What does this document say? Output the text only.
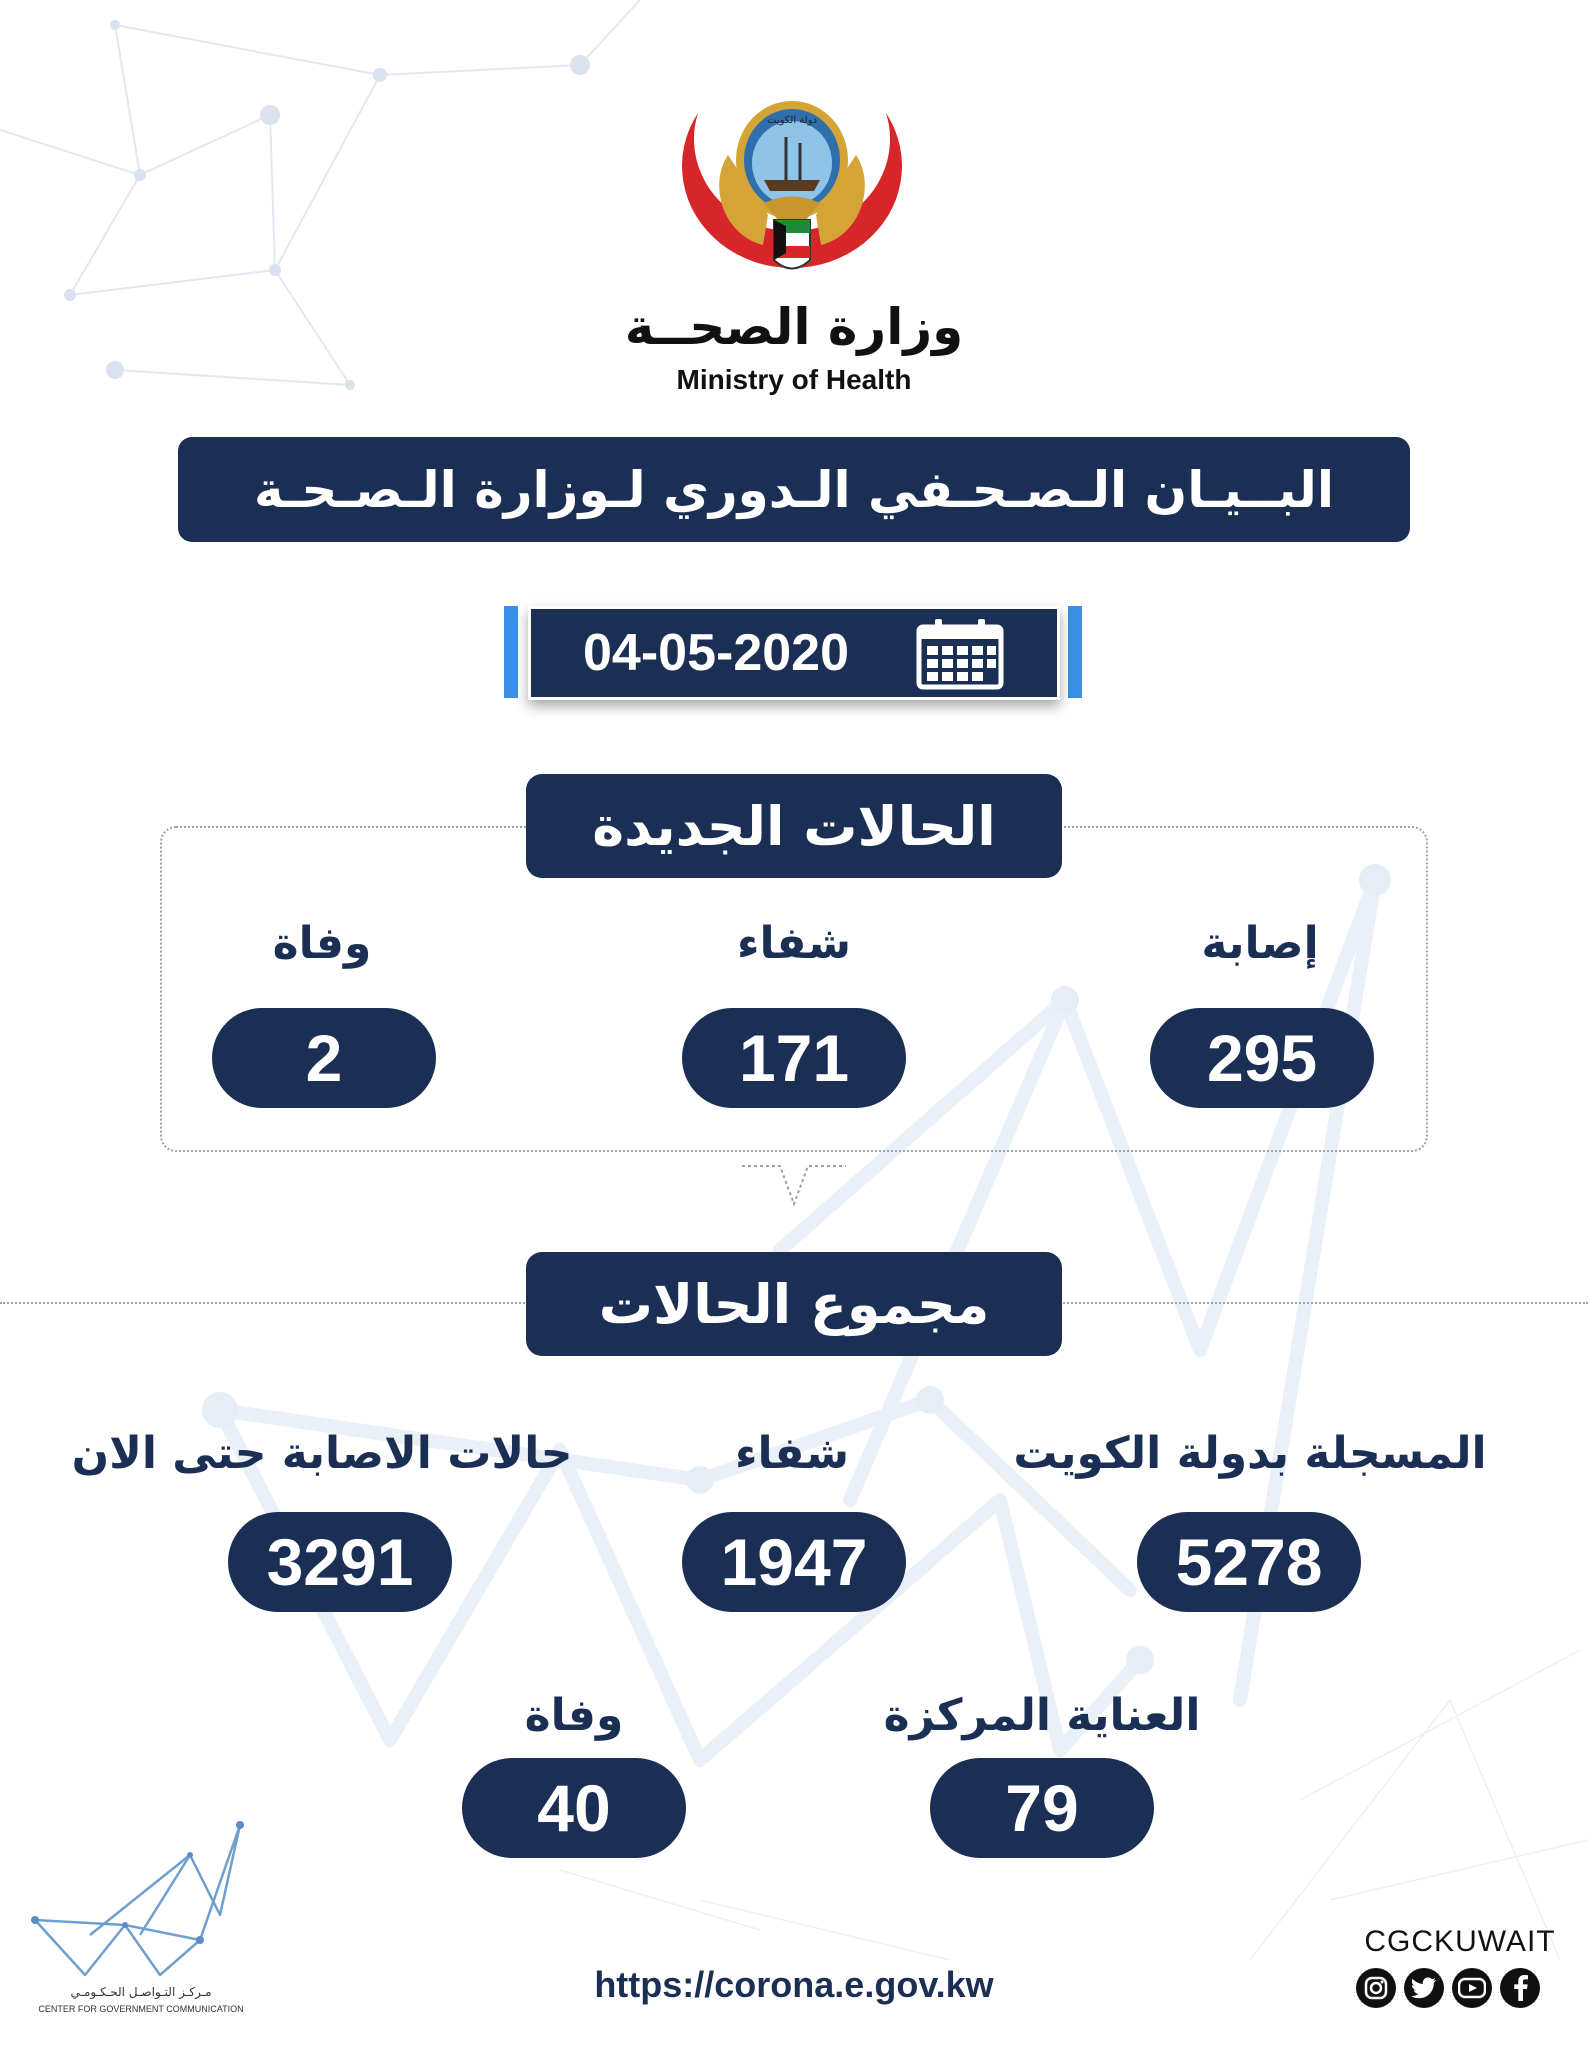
دولة الكويت
وزارة الصحــة
Ministry of Health
البــيـان الـصـحـفي الـدوري لـوزارة الـصـحـة
04-05-2020
الحالات الجديدة
إصابة
295
شفاء
171
وفاة
2
مجموع الحالات
المسجلة بدولة الكويت
5278
شفاء
1947
حالات الاصابة حتى الان
3291
العناية المركزة
79
وفاة
40
مـركـز التـواصـل الحـكـومـي
CENTER FOR GOVERNMENT COMMUNICATION
https://corona.e.gov.kw
CGCKUWAIT
